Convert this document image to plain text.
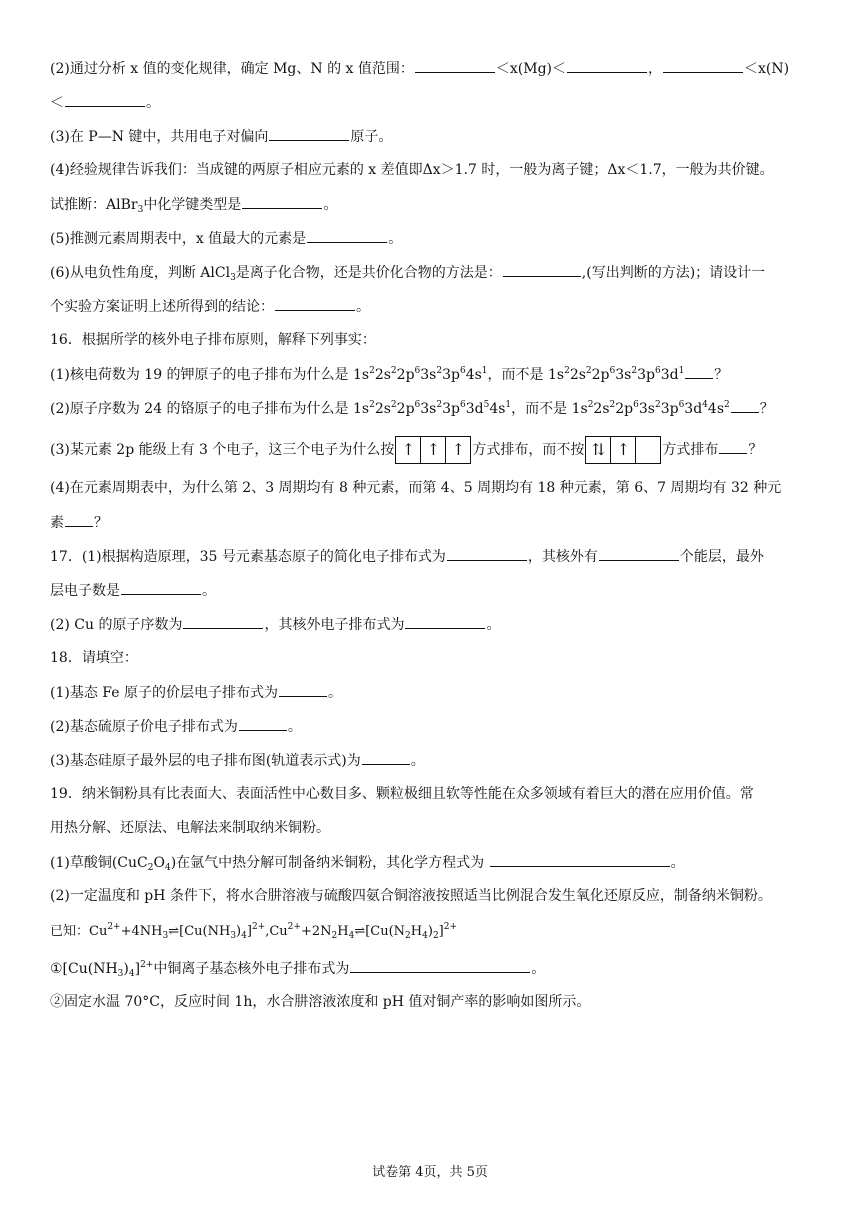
(2)通过分析 x 值的变化规律，确定 Mg、N 的 x 值范围：	＜x(Mg)＜	，	＜x(N)
＜	。
(3)在 P—N 键中，共用电子对偏向	原子。
(4)经验规律告诉我们：当成键的两原子相应元素的 x 差值即Δx＞1.7 时，一般为离子键；Δx＜1.7，一般为共价键。
试推断：AlBr$_3$中化学键类型是	。
(5)推测元素周期表中，x 值最大的元素是	。
(6)从电负性角度，判断 AlCl$_3$是离子化合物，还是共价化合物的方法是：	,(写出判断的方法)；请设计一
个实验方案证明上述所得到的结论：	。
16．根据所学的核外电子排布原则，解释下列事实：
(1)核电荷数为 19 的钾原子的电子排布为什么是 $1s^22s^22p^63s^23p^64s^1$，而不是 $1s^22s^22p^63s^23p^63d^1$ ？
(2)原子序数为 24 的铬原子的电子排布为什么是 $1s^22s^22p^63s^23p^63d^54s^1$，而不是 $1s^22s^22p^63s^23p^63d^44s^2$ ？
(3)某元素 2p 能级上有 3 个电子，这三个电子为什么按 ↑ ↑ ↑ 方式排布，而不按 ⇅ ↑ 方式排布 ？
(4)在元素周期表中，为什么第 2、3 周期均有 8 种元素，而第 4、5 周期均有 18 种元素，第 6、7 周期均有 32 种元
素 ？
17．(1)根据构造原理，35 号元素基态原子的简化电子排布式为	，其核外有	个能层，最外
层电子数是	。
(2) Cu 的原子序数为	，其核外电子排布式为	。
18．请填空：
(1)基态 Fe 原子的价层电子排布式为	。
(2)基态硫原子价电子排布式为	。
(3)基态硅原子最外层的电子排布图(轨道表示式)为	。
19．纳米铜粉具有比表面大、表面活性中心数目多、颗粒极细且软等性能在众多领域有着巨大的潜在应用价值。常
用热分解、还原法、电解法来制取纳米铜粉。
(1)草酸铜$(CuC_2O_4)$在氩气中热分解可制备纳米铜粉，其化学方程式为	。
(2)一定温度和 pH 条件下，将水合肼溶液与硫酸四氨合铜溶液按照适当比例混合发生氧化还原反应，制备纳米铜粉。
已知：$Cu^{2+}+4NH_3\rightleftharpoons[Cu(NH_3)_4]^{2+},Cu^{2+}+2N_2H_4\rightleftharpoons[Cu(N_2H_4)_2]^{2+}$
$①[Cu(NH_3)_4]^{2+}$中铜离子基态核外电子排布式为	。
②固定水温 70°C，反应时间 1h，水合肼溶液浓度和 pH 值对铜产率的影响如图所示。
试卷第 4页，共 5页
